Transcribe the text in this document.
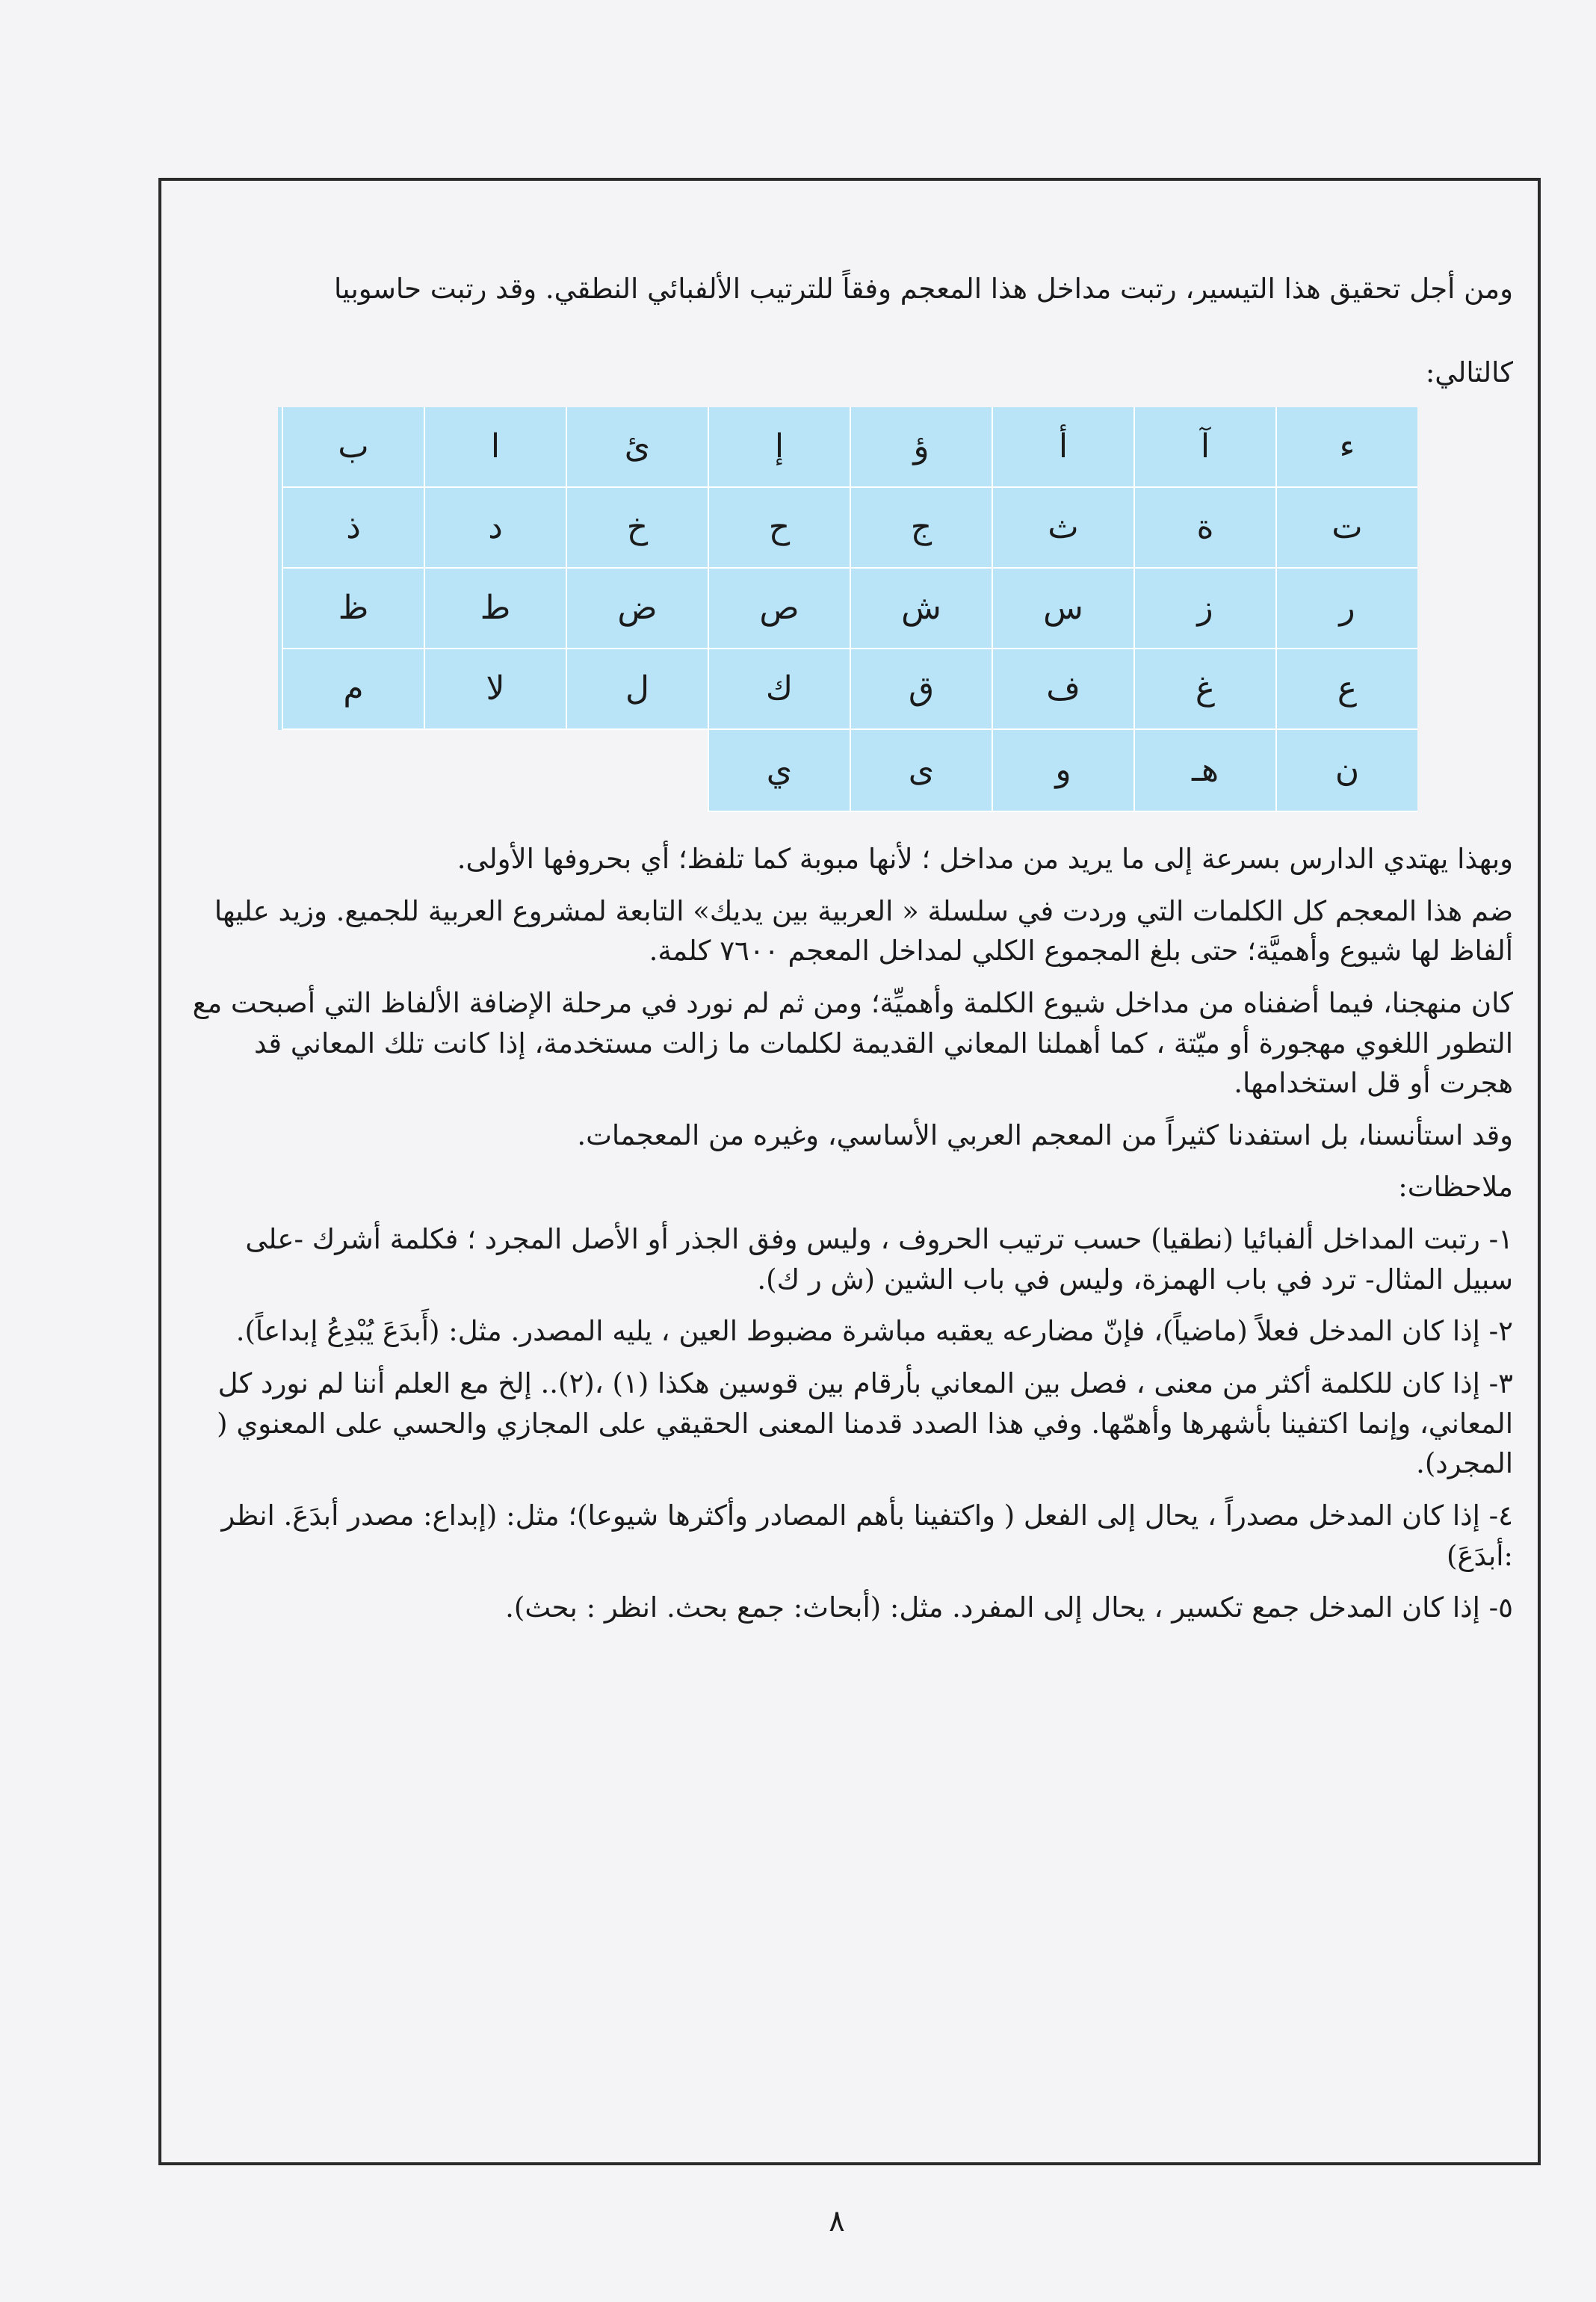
ومن أجل تحقيق هذا التيسير، رتبت مداخل هذا المعجم وفقاً للترتيب الألفبائي النطقي. وقد رتبت حاسوبيا

كالتالي:

ء
آ
أ
ؤ
إ
ئ
ا
ب
ت
ة
ث
ج
ح
خ
د
ذ
ر
ز
س
ش
ص
ض
ط
ظ
ع
غ
ف
ق
ك
ل
لا
م
ن
هـ
و
ى
ي

وبهذا يهتدي الدارس بسرعة إلى ما يريد من مداخل ؛ لأنها مبوبة كما تلفظ؛ أي بحروفها الأولى.

ضم هذا المعجم كل الكلمات التي وردت في سلسلة « العربية بين يديك» التابعة لمشروع العربية للجميع. وزيد عليها ألفاظ لها شيوع وأهميَّة؛ حتى بلغ المجموع الكلي لمداخل المعجم ٧٦٠٠ كلمة.

كان منهجنا، فيما أضفناه من مداخل شيوع الكلمة وأهميِّة؛ ومن ثم لم نورد في مرحلة الإضافة الألفاظ التي أصبحت مع التطور اللغوي مهجورة أو ميّتة ، كما أهملنا المعاني القديمة لكلمات ما زالت مستخدمة، إذا كانت تلك المعاني قد هجرت أو قل استخدامها.

وقد استأنسنا، بل استفدنا كثيراً من المعجم العربي الأساسي، وغيره من المعجمات.

ملاحظات:

١- رتبت المداخل ألفبائيا (نطقيا) حسب ترتيب الحروف ، وليس وفق الجذر أو الأصل المجرد ؛ فكلمة أشرك -على سبيل المثال- ترد في باب الهمزة، وليس في باب الشين (ش ر ك).

٢- إذا كان المدخل فعلاً (ماضياً)، فإنّ مضارعه يعقبه مباشرة مضبوط العين ، يليه المصدر. مثل: (أَبدَعَ يُبْدِعُ إبداعاً).

٣- إذا كان للكلمة أكثر من معنى ، فصل بين المعاني بأرقام بين قوسين هكذا (١) ،(٢).. إلخ مع العلم أننا لم نورد كل المعاني، وإنما اكتفينا بأشهرها وأهمّها. وفي هذا الصدد قدمنا المعنى الحقيقي على المجازي والحسي على المعنوي ( المجرد).

٤- إذا كان المدخل مصدراً ، يحال إلى الفعل ( واكتفينا بأهم المصادر وأكثرها شيوعا)؛ مثل: (إبداع: مصدر أبدَعَ. انظر :أبدَعَ)

٥- إذا كان المدخل جمع تكسير ، يحال إلى المفرد. مثل: (أبحاث: جمع بحث. انظر : بحث).

٨
